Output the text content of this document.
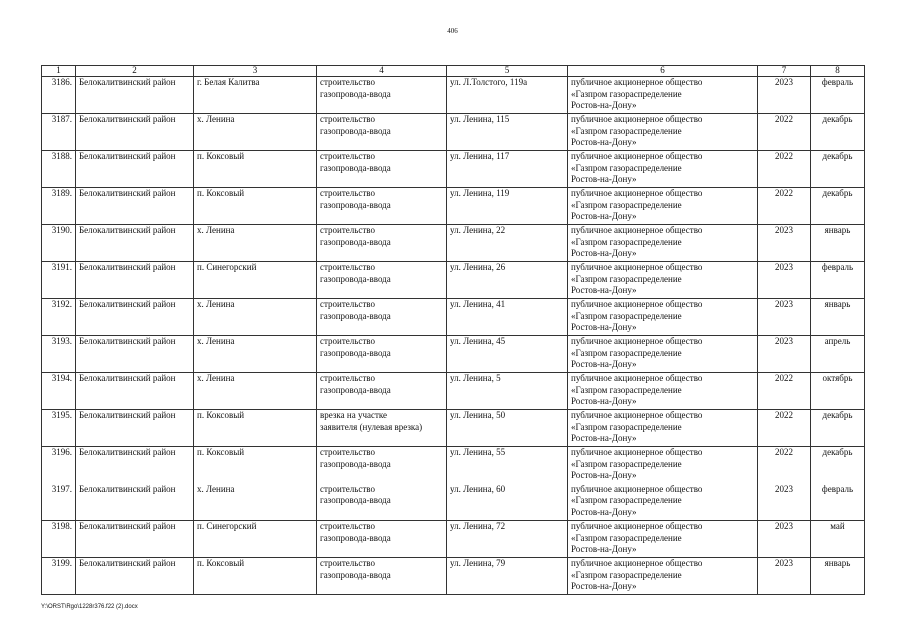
406
1	2	3	4	5	6	7	8
3186.	Белокалитвинский район	г. Белая Калитва	строительство
газопровода-ввода	ул. Л.Толстого, 119а	публичное акционерное общество
«Газпром газораспределение
Ростов-на-Дону»	2023	февраль
3187.	Белокалитвинский район	х. Ленина	строительство
газопровода-ввода	ул. Ленина, 115	публичное акционерное общество
«Газпром газораспределение
Ростов-на-Дону»	2022	декабрь
3188.	Белокалитвинский район	п. Коксовый	строительство
газопровода-ввода	ул. Ленина, 117	публичное акционерное общество
«Газпром газораспределение
Ростов-на-Дону»	2022	декабрь
3189.	Белокалитвинский район	п. Коксовый	строительство
газопровода-ввода	ул. Ленина, 119	публичное акционерное общество
«Газпром газораспределение
Ростов-на-Дону»	2022	декабрь
3190.	Белокалитвинский район	х. Ленина	строительство
газопровода-ввода	ул. Ленина, 22	публичное акционерное общество
«Газпром газораспределение
Ростов-на-Дону»	2023	январь
3191.	Белокалитвинский район	п. Синегорский	строительство
газопровода-ввода	ул. Ленина, 26	публичное акционерное общество
«Газпром газораспределение
Ростов-на-Дону»	2023	февраль
3192.	Белокалитвинский район	х. Ленина	строительство
газопровода-ввода	ул. Ленина, 41	публичное акционерное общество
«Газпром газораспределение
Ростов-на-Дону»	2023	январь
3193.	Белокалитвинский район	х. Ленина	строительство
газопровода-ввода	ул. Ленина, 45	публичное акционерное общество
«Газпром газораспределение
Ростов-на-Дону»	2023	апрель
3194.	Белокалитвинский район	х. Ленина	строительство
газопровода-ввода	ул. Ленина, 5	публичное акционерное общество
«Газпром газораспределение
Ростов-на-Дону»	2022	октябрь
3195.	Белокалитвинский район	п. Коксовый	врезка на участке
заявителя (нулевая врезка)	ул. Ленина, 50	публичное акционерное общество
«Газпром газораспределение
Ростов-на-Дону»	2022	декабрь
3196.	Белокалитвинский район	п. Коксовый	строительство
газопровода-ввода	ул. Ленина, 55	публичное акционерное общество
«Газпром газораспределение
Ростов-на-Дону»	2022	декабрь
3197.	Белокалитвинский район	х. Ленина	строительство
газопровода-ввода	ул. Ленина, 60	публичное акционерное общество
«Газпром газораспределение
Ростов-на-Дону»	2023	февраль
3198.	Белокалитвинский район	п. Синегорский	строительство
газопровода-ввода	ул. Ленина, 72	публичное акционерное общество
«Газпром газораспределение
Ростов-на-Дону»	2023	май
3199.	Белокалитвинский район	п. Коксовый	строительство
газопровода-ввода	ул. Ленина, 79	публичное акционерное общество
«Газпром газораспределение
Ростов-на-Дону»	2023	январь
Y:\ORST\Rgo\1228r376.f22 (2).docx
